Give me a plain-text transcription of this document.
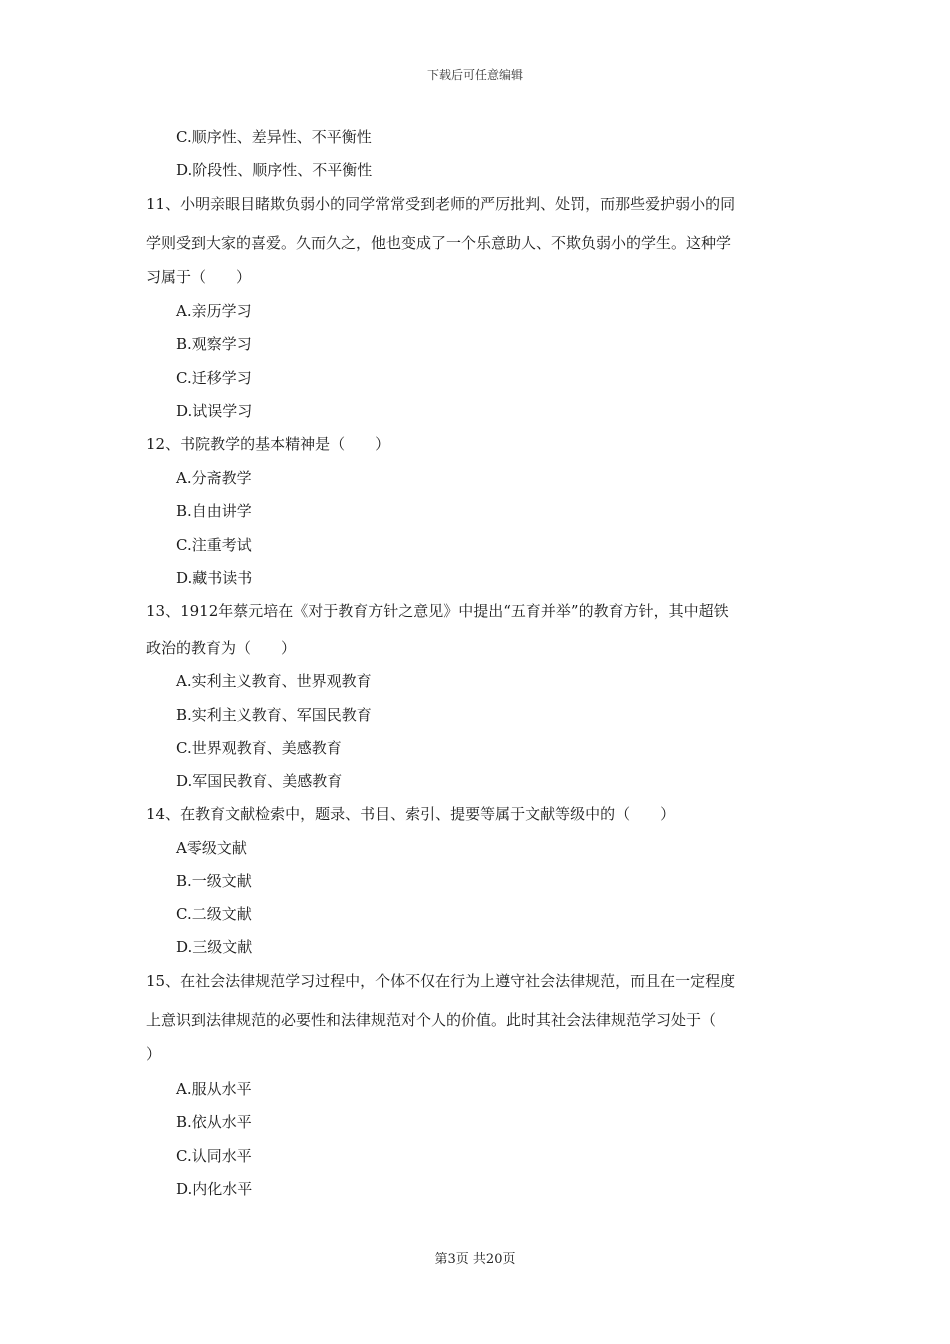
下载后可任意编辑
C.顺序性、差异性、不平衡性
D.阶段性、顺序性、不平衡性
11、小明亲眼目睹欺负弱小的同学常常受到老师的严厉批判、处罚，而那些爱护弱小的同
学则受到大家的喜爱。久而久之，他也变成了一个乐意助人、不欺负弱小的学生。这种学
习属于（　　）
A.亲历学习
B.观察学习
C.迁移学习
D.试误学习
12、书院教学的基本精神是（　　）
A.分斋教学
B.自由讲学
C.注重考试
D.藏书读书
13、1912年蔡元培在《对于教育方针之意见》中提出“五育并举”的教育方针，其中超铁
政治的教育为（　　）
A.实利主义教育、世界观教育
B.实利主义教育、军国民教育
C.世界观教育、美感教育
D.军国民教育、美感教育
14、在教育文献检索中，题录、书目、索引、提要等属于文献等级中的（　　）
A零级文献
B.一级文献
C.二级文献
D.三级文献
15、在社会法律规范学习过程中，个体不仅在行为上遵守社会法律规范，而且在一定程度
上意识到法律规范的必要性和法律规范对个人的价值。此时其社会法律规范学习处于（
）
A.服从水平
B.依从水平
C.认同水平
D.内化水平
第3页 共20页
